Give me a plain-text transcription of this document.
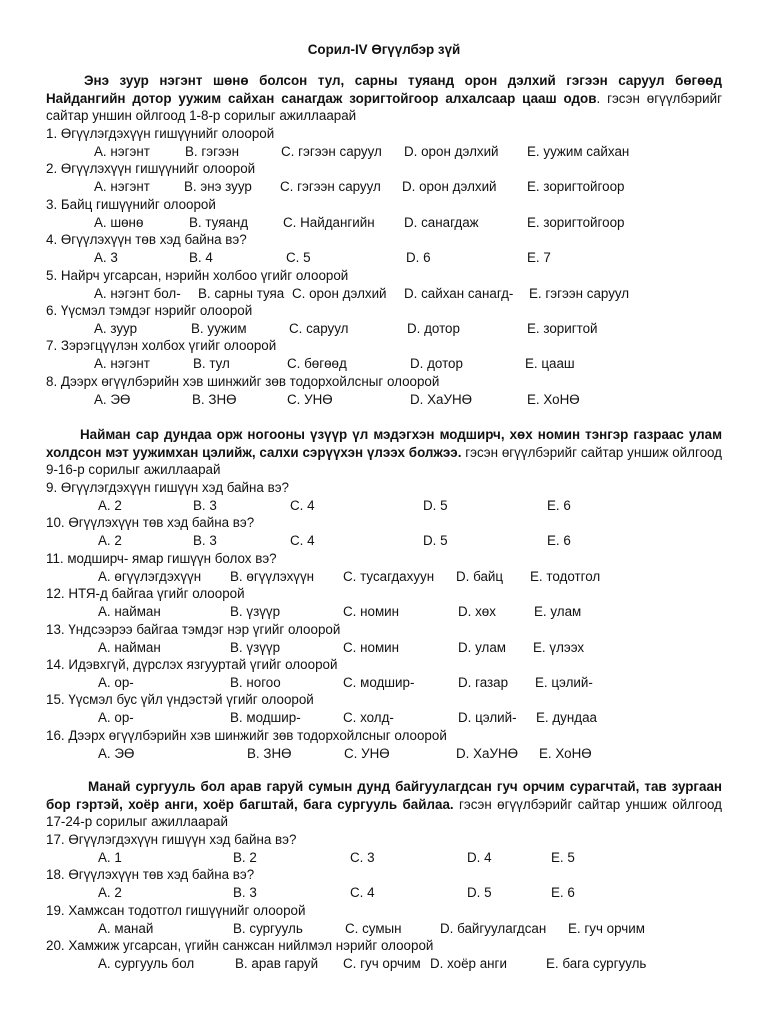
Сорил-IV Өгүүлбэр зүй
Энэ зуур нэгэнт шөнө болсон тул, сарны туяанд орон дэлхий гэгээн саруул бөгөөд Найдангийн дотор уужим сайхан санагдаж зоригтойгоор алхалсаар цааш одов. гэсэн өгүүлбэрийг сайтар уншин ойлгоод 1-8-р сорилыг ажиллаарай
1. Өгүүлэгдэхүүн гишүүнийг олоорой
А. нэгэнт	B. гэгээн	C. гэгээн саруул D. орон дэлхий E. уужим сайхан
2. Өгүүлэхүүн гишүүнийг олоорой
А. нэгэнт	B. энэ зуур C. гэгээн саруул D. орон дэлхий E. зоригтойгоор
3. Байц гишүүнийг олоорой
А. шөнө	B. туяанд	C. Найдангийн D. санагдаж	E. зоригтойгоор
4. Өгүүлэхүүн төв хэд байна вэ?
А. 3	B. 4	C. 5	D. 6	E. 7
5. Найрч угсарсан, нэрийн холбоо үгийг олоорой
А. нэгэнт бол- B. сарны туяа C. орон дэлхий D. сайхан санагд- E. гэгээн саруул
6. Үүсмэл тэмдэг нэрийг олоорой
А. зуур	B. уужим	C. саруул	D. дотор	E. зоригтой
7. Зэрэгцүүлэн холбох үгийг олоорой
А. нэгэнт	B. тул	C. бөгөөд	D. дотор	E. цааш
8. Дээрх өгүүлбэрийн хэв шинжийг зөв тодорхойлсныг олоорой
А. ЭӨ	B. ЗНӨ	C. УНӨ	D. ХаУНӨ	E. ХоНӨ
Найман сар дундаа орж ногооны үзүүр үл мэдэгхэн модширч, хөх номин тэнгэр газраас улам холдсон мэт уужимхан цэлийж, салхи сэрүүхэн үлээх болжээ. гэсэн өгүүлбэрийг сайтар уншиж ойлгоод 9-16-р сорилыг ажиллаарай
9. Өгүүлэгдэхүүн гишүүн хэд байна вэ?
А. 2	B. 3	C. 4	D. 5	E. 6
10. Өгүүлэхүүн төв хэд байна вэ?
А. 2	B. 3	C. 4	D. 5	E. 6
11. модширч- ямар гишүүн болох вэ?
А. өгүүлэгдэхүүн B. өгүүлэхүүн C. тусагдахуун D. байц E. тодотгол
12. НТЯ-д байгаа үгийг олоорой
А. найман	B. үзүүр	C. номин	D. хөх	E. улам
13. Үндсээрээ байгаа тэмдэг нэр үгийг олоорой
А. найман	B. үзүүр	C. номин	D. улам E. үлээх
14. Идэвхгүй, дүрслэх язгууртай үгийг олоорой
А. ор-	B. ногоо	C. модшир-	D. газар E. цэлий-
15. Үүсмэл бус үйл үндэстэй үгийг олоорой
А. ор-	B. модшир-	C. холд-	D. цэлий- E. дундаа
16. Дээрх өгүүлбэрийн хэв шинжийг зөв тодорхойлсныг олоорой
А. ЭӨ	B. ЗНӨ	C. УНӨ	D. ХаУНӨ E. ХоНӨ
Манай сургууль бол арав гаруй сумын дунд байгуулагдсан гуч орчим сурагчтай, тав зургаан бор гэртэй, хоёр анги, хоёр багштай, бага сургууль байлаа. гэсэн өгүүлбэрийг сайтар уншиж ойлгоод 17-24-р сорилыг ажиллаарай
17. Өгүүлэгдэхүүн гишүүн хэд байна вэ?
А. 1	B. 2	C. 3	D. 4	E. 5
18. Өгүүлэхүүн төв хэд байна вэ?
А. 2	B. 3	C. 4	D. 5	E. 6
19. Хамжсан тодотгол гишүүнийг олоорой
А. манай	B. сургууль	C. сумын	D. байгуулагдсан E. гуч орчим
20. Хамжиж угсарсан, үгийн санжсан нийлмэл нэрийг олоорой
А. сургууль бол	B. арав гаруй C. гуч орчим D. хоёр анги	E. бага сургууль
